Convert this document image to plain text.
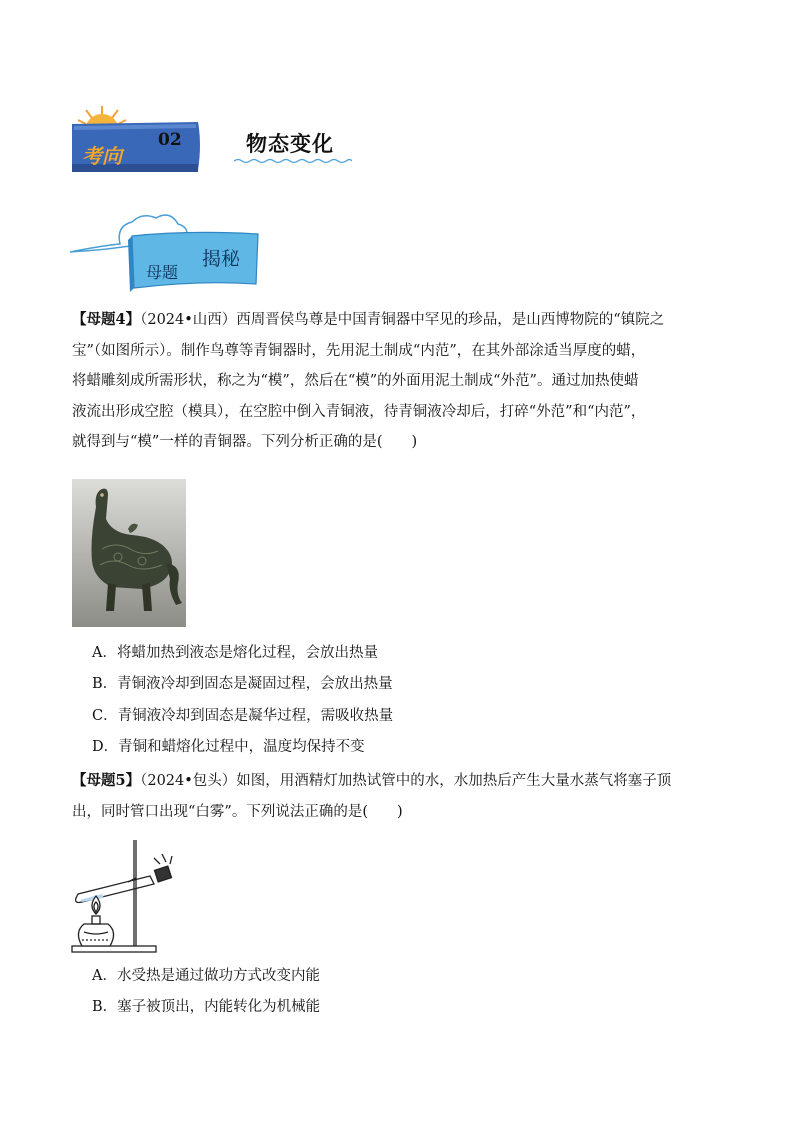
考向
02	物态变化
母题
揭秘
【母题4】（2024•山西）西周晋侯鸟尊是中国青铜器中罕见的珍品，是山西博物院的“镇院之
宝”（如图所示）。制作鸟尊等青铜器时，先用泥土制成“内范”，在其外部涂适当厚度的蜡，
将蜡雕刻成所需形状，称之为“模”，然后在“模”的外面用泥土制成“外范”。通过加热使蜡
液流出形成空腔（模具），在空腔中倒入青铜液，待青铜液冷却后，打碎“外范”和“内范”，
就得到与“模”一样的青铜器。下列分析正确的是(　　)
A．将蜡加热到液态是熔化过程，会放出热量
B．青铜液冷却到固态是凝固过程，会放出热量
C．青铜液冷却到固态是凝华过程，需吸收热量
D．青铜和蜡熔化过程中，温度均保持不变
【母题5】（2024•包头）如图，用酒精灯加热试管中的水，水加热后产生大量水蒸气将塞子顶
出，同时管口出现“白雾”。下列说法正确的是(　　)
A．水受热是通过做功方式改变内能
B．塞子被顶出，内能转化为机械能
